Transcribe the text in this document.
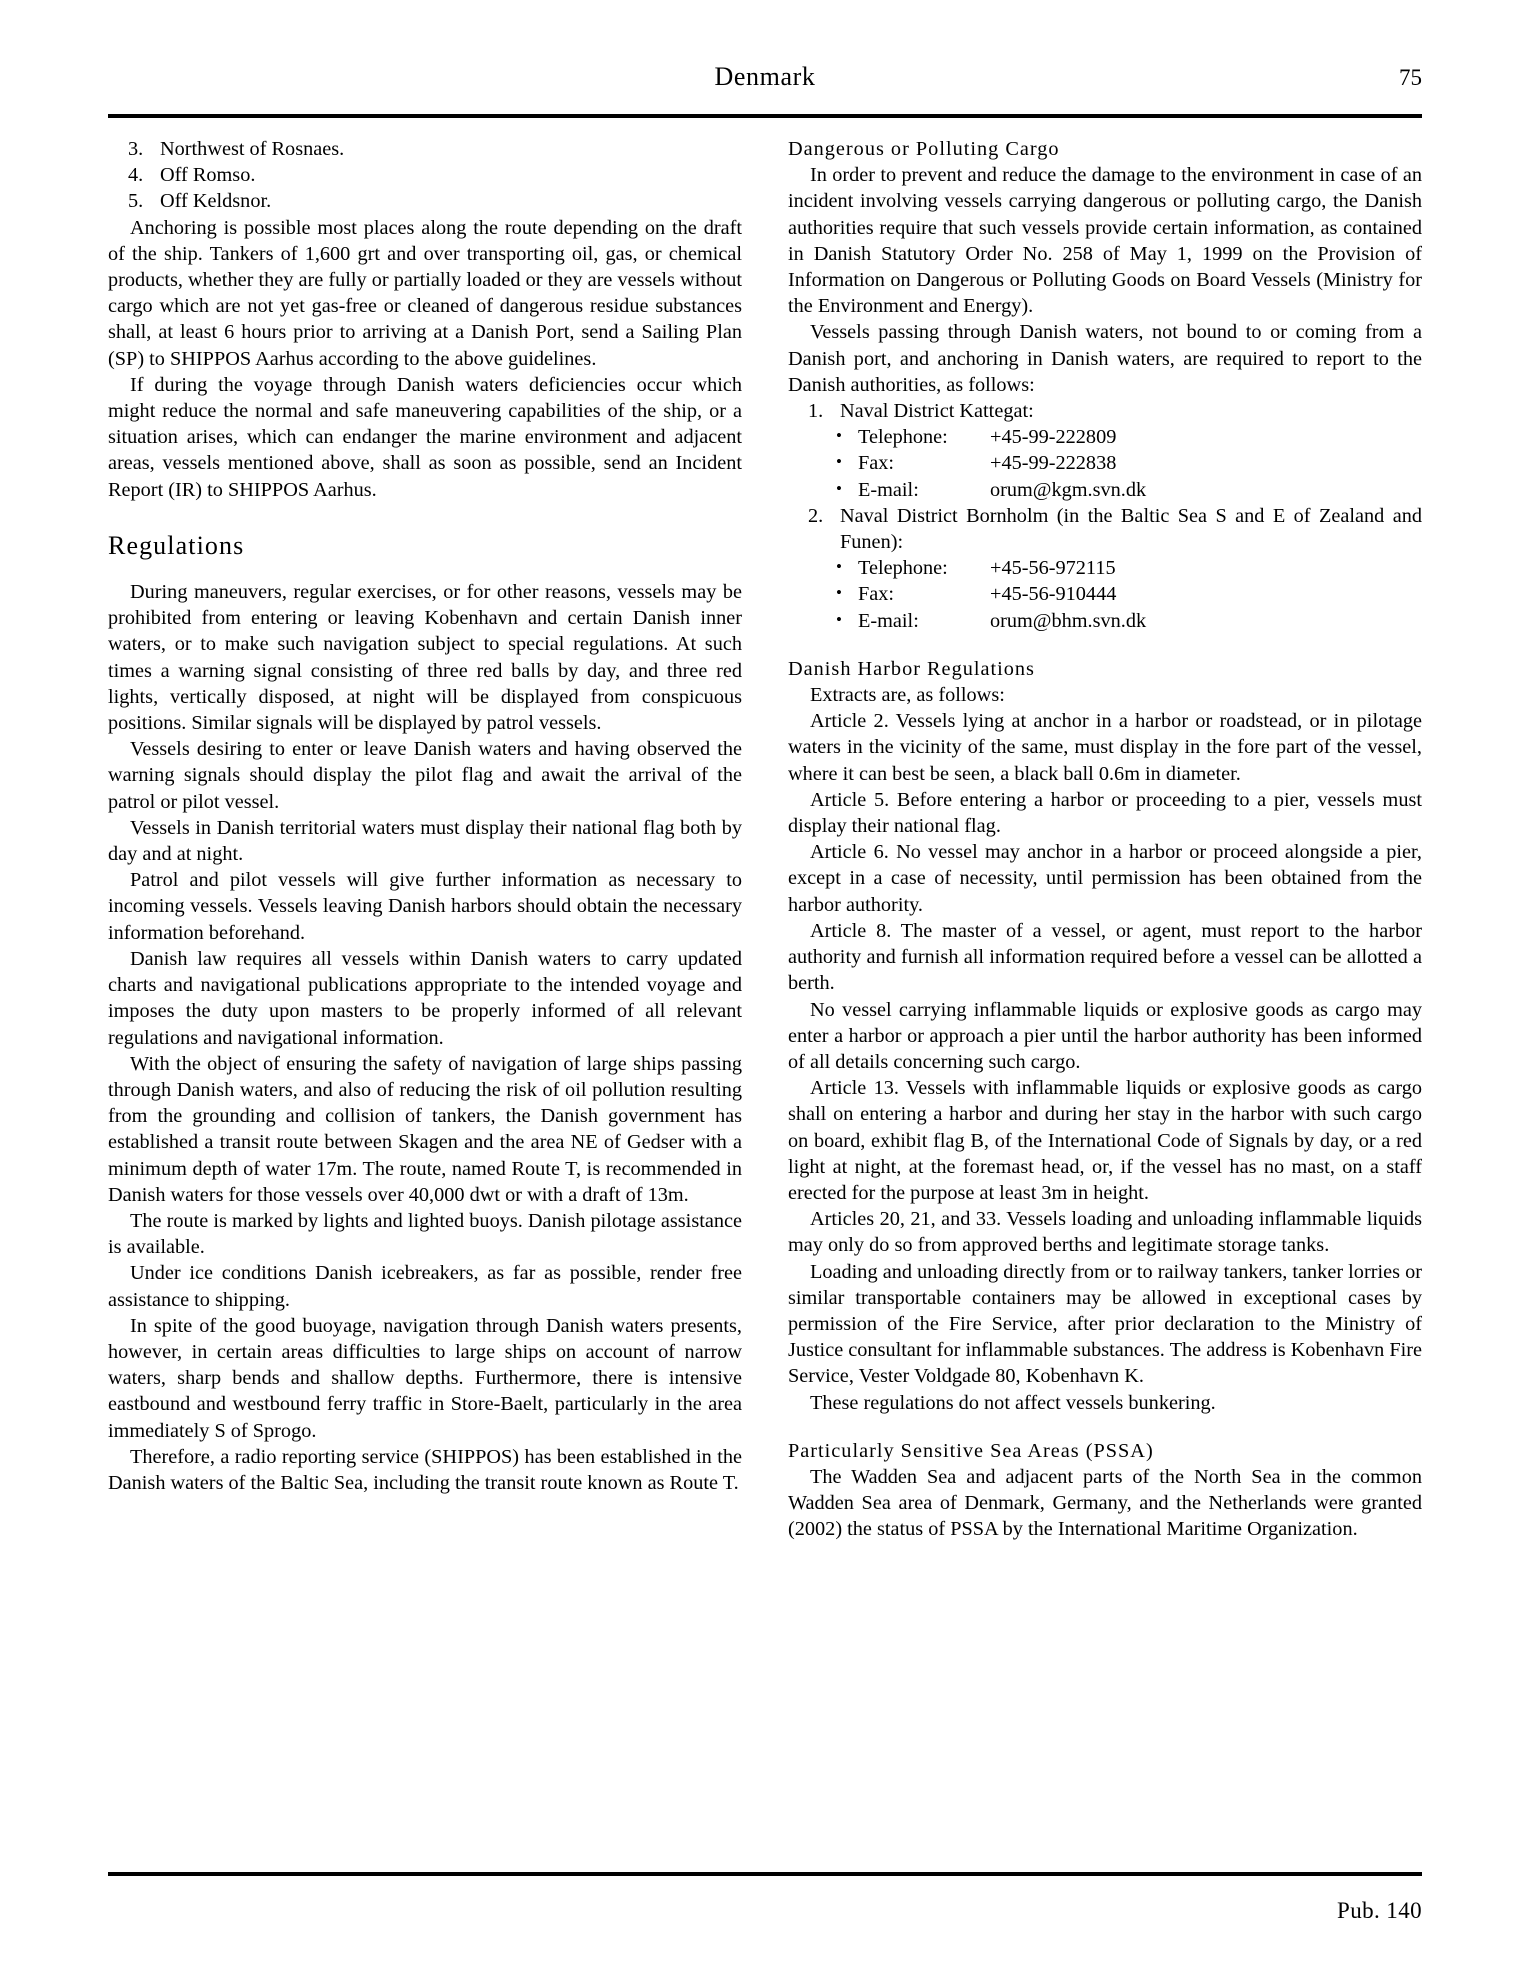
Denmark	75
3. Northwest of Rosnaes.
4. Off Romso.
5. Off Keldsnor.

Anchoring is possible most places along the route depending on the draft of the ship. Tankers of 1,600 grt and over transporting oil, gas, or chemical products, whether they are fully or partially loaded or they are vessels without cargo which are not yet gas-free or cleaned of dangerous residue substances shall, at least 6 hours prior to arriving at a Danish Port, send a Sailing Plan (SP) to SHIPPOS Aarhus according to the above guidelines.

If during the voyage through Danish waters deficiencies occur which might reduce the normal and safe maneuvering capabilities of the ship, or a situation arises, which can endanger the marine environment and adjacent areas, vessels mentioned above, shall as soon as possible, send an Incident Report (IR) to SHIPPOS Aarhus.

Regulations

During maneuvers, regular exercises, or for other reasons, vessels may be prohibited from entering or leaving Kobenhavn and certain Danish inner waters, or to make such navigation subject to special regulations. At such times a warning signal consisting of three red balls by day, and three red lights, vertically disposed, at night will be displayed from conspicuous positions. Similar signals will be displayed by patrol vessels.

Vessels desiring to enter or leave Danish waters and having observed the warning signals should display the pilot flag and await the arrival of the patrol or pilot vessel.

Vessels in Danish territorial waters must display their national flag both by day and at night.

Patrol and pilot vessels will give further information as necessary to incoming vessels. Vessels leaving Danish harbors should obtain the necessary information beforehand.

Danish law requires all vessels within Danish waters to carry updated charts and navigational publications appropriate to the intended voyage and imposes the duty upon masters to be properly informed of all relevant regulations and navigational information.

With the object of ensuring the safety of navigation of large ships passing through Danish waters, and also of reducing the risk of oil pollution resulting from the grounding and collision of tankers, the Danish government has established a transit route between Skagen and the area NE of Gedser with a minimum depth of water 17m. The route, named Route T, is recommended in Danish waters for those vessels over 40,000 dwt or with a draft of 13m.

The route is marked by lights and lighted buoys. Danish pilotage assistance is available.

Under ice conditions Danish icebreakers, as far as possible, render free assistance to shipping.

In spite of the good buoyage, navigation through Danish waters presents, however, in certain areas difficulties to large ships on account of narrow waters, sharp bends and shallow depths. Furthermore, there is intensive eastbound and westbound ferry traffic in Store-Baelt, particularly in the area immediately S of Sprogo.

Therefore, a radio reporting service (SHIPPOS) has been established in the Danish waters of the Baltic Sea, including the transit route known as Route T.

Dangerous or Polluting Cargo

In order to prevent and reduce the damage to the environment in case of an incident involving vessels carrying dangerous or polluting cargo, the Danish authorities require that such vessels provide certain information, as contained in Danish Statutory Order No. 258 of May 1, 1999 on the Provision of Information on Dangerous or Polluting Goods on Board Vessels (Ministry for the Environment and Energy).

Vessels passing through Danish waters, not bound to or coming from a Danish port, and anchoring in Danish waters, are required to report to the Danish authorities, as follows:

1. Naval District Kattegat:
• Telephone: +45-99-222809
• Fax:	+45-99-222838
• E-mail:	orum@kgm.svn.dk
2. Naval District Bornholm (in the Baltic Sea S and E of Zealand and Funen):
• Telephone: +45-56-972115
• Fax:	+45-56-910444
• E-mail:	orum@bhm.svn.dk
Danish Harbor Regulations

Extracts are, as follows:

Article 2. Vessels lying at anchor in a harbor or roadstead, or in pilotage waters in the vicinity of the same, must display in the fore part of the vessel, where it can best be seen, a black ball 0.6m in diameter.

Article 5. Before entering a harbor or proceeding to a pier, vessels must display their national flag.

Article 6. No vessel may anchor in a harbor or proceed alongside a pier, except in a case of necessity, until permission has been obtained from the harbor authority.

Article 8. The master of a vessel, or agent, must report to the harbor authority and furnish all information required before a vessel can be allotted a berth.

No vessel carrying inflammable liquids or explosive goods as cargo may enter a harbor or approach a pier until the harbor authority has been informed of all details concerning such cargo.

Article 13. Vessels with inflammable liquids or explosive goods as cargo shall on entering a harbor and during her stay in the harbor with such cargo on board, exhibit flag B, of the International Code of Signals by day, or a red light at night, at the foremast head, or, if the vessel has no mast, on a staff erected for the purpose at least 3m in height.

Articles 20, 21, and 33. Vessels loading and unloading inflammable liquids may only do so from approved berths and legitimate storage tanks.

Loading and unloading directly from or to railway tankers, tanker lorries or similar transportable containers may be allowed in exceptional cases by permission of the Fire Service, after prior declaration to the Ministry of Justice consultant for inflammable substances. The address is Kobenhavn Fire Service, Vester Voldgade 80, Kobenhavn K.

These regulations do not affect vessels bunkering.

Particularly Sensitive Sea Areas (PSSA)

The Wadden Sea and adjacent parts of the North Sea in the common Wadden Sea area of Denmark, Germany, and the Netherlands were granted (2002) the status of PSSA by the International Maritime Organization.

Pub. 140
